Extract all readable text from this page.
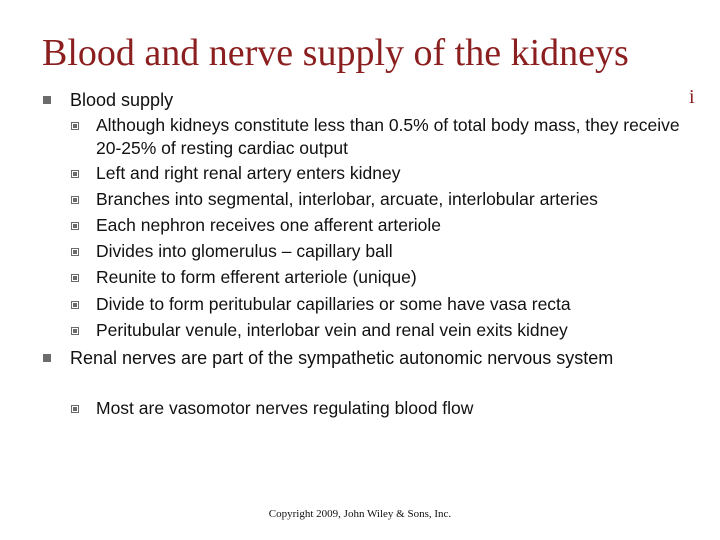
Blood and nerve supply of the kidneys
i
Blood supply
Although kidneys constitute less than 0.5% of total body mass, they receive 20-25% of resting cardiac output
Left and right renal artery enters kidney
Branches into segmental, interlobar, arcuate, interlobular arteries
Each nephron receives one afferent arteriole
Divides into glomerulus – capillary ball
Reunite to form efferent arteriole (unique)
Divide to form peritubular capillaries or some have vasa recta
Peritubular venule, interlobar vein and renal vein exits kidney
Renal nerves are part of the sympathetic autonomic nervous system
Most are vasomotor nerves regulating blood flow
Copyright 2009, John Wiley & Sons, Inc.
